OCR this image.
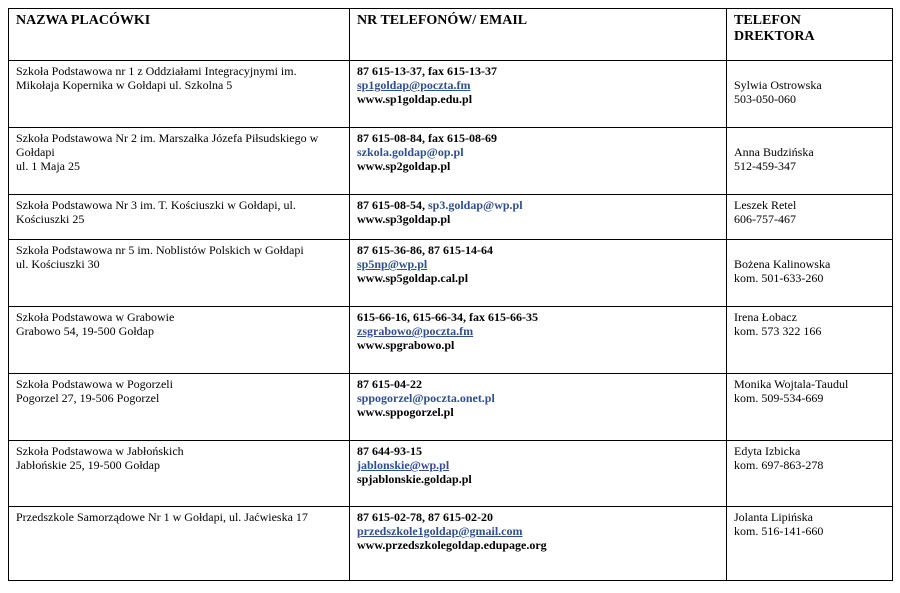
NAZWA PLACÓWKI	NR TELEFONÓW/ EMAIL	TELEFON
DREKTORA

Szkoła Podstawowa nr 1 z Oddziałami Integracyjnymi im.
Mikołaja Kopernika w Gołdapi ul. Szkolna 5	87 615-13-37, fax 615-13-37
sp1goldap@poczta.fm
www.sp1goldap.edu.pl	Sylwia Ostrowska
503-050-060

Szkoła Podstawowa Nr 2 im. Marszałka Józefa Piłsudskiego w
Gołdapi
ul. 1 Maja 25	87 615-08-84, fax 615-08-69
szkola.goldap@op.pl
www.sp2goldap.pl	Anna Budzińska
512-459-347

Szkoła Podstawowa Nr 3 im. T. Kościuszki w Gołdapi, ul.
Kościuszki 25	87 615-08-54, sp3.goldap@wp.pl
www.sp3goldap.pl	Leszek Retel
606-757-467

Szkoła Podstawowa nr 5 im. Noblistów Polskich w Gołdapi
ul. Kościuszki 30	87 615-36-86, 87 615-14-64
sp5np@wp.pl
www.sp5goldap.cal.pl	Bożena Kalinowska
kom. 501-633-260

Szkoła Podstawowa w Grabowie
Grabowo 54, 19-500 Gołdap	615-66-16, 615-66-34, fax 615-66-35
zsgrabowo@poczta.fm
www.spgrabowo.pl	Irena Łobacz
kom. 573 322 166

Szkoła Podstawowa w Pogorzeli
Pogorzel 27, 19-506 Pogorzel	87 615-04-22
sppogorzel@poczta.onet.pl
www.sppogorzel.pl	Monika Wojtala-Taudul
kom. 509-534-669

Szkoła Podstawowa w Jabłońskich
Jabłońskie 25, 19-500 Gołdap	87 644-93-15
jablonskie@wp.pl
spjablonskie.goldap.pl	Edyta Izbicka
kom. 697-863-278

Przedszkole Samorządowe Nr 1 w Gołdapi, ul. Jaćwieska 17	87 615-02-78, 87 615-02-20
przedszkole1goldap@gmail.com
www.przedszkolegoldap.edupage.org	Jolanta Lipińska
kom. 516-141-660
